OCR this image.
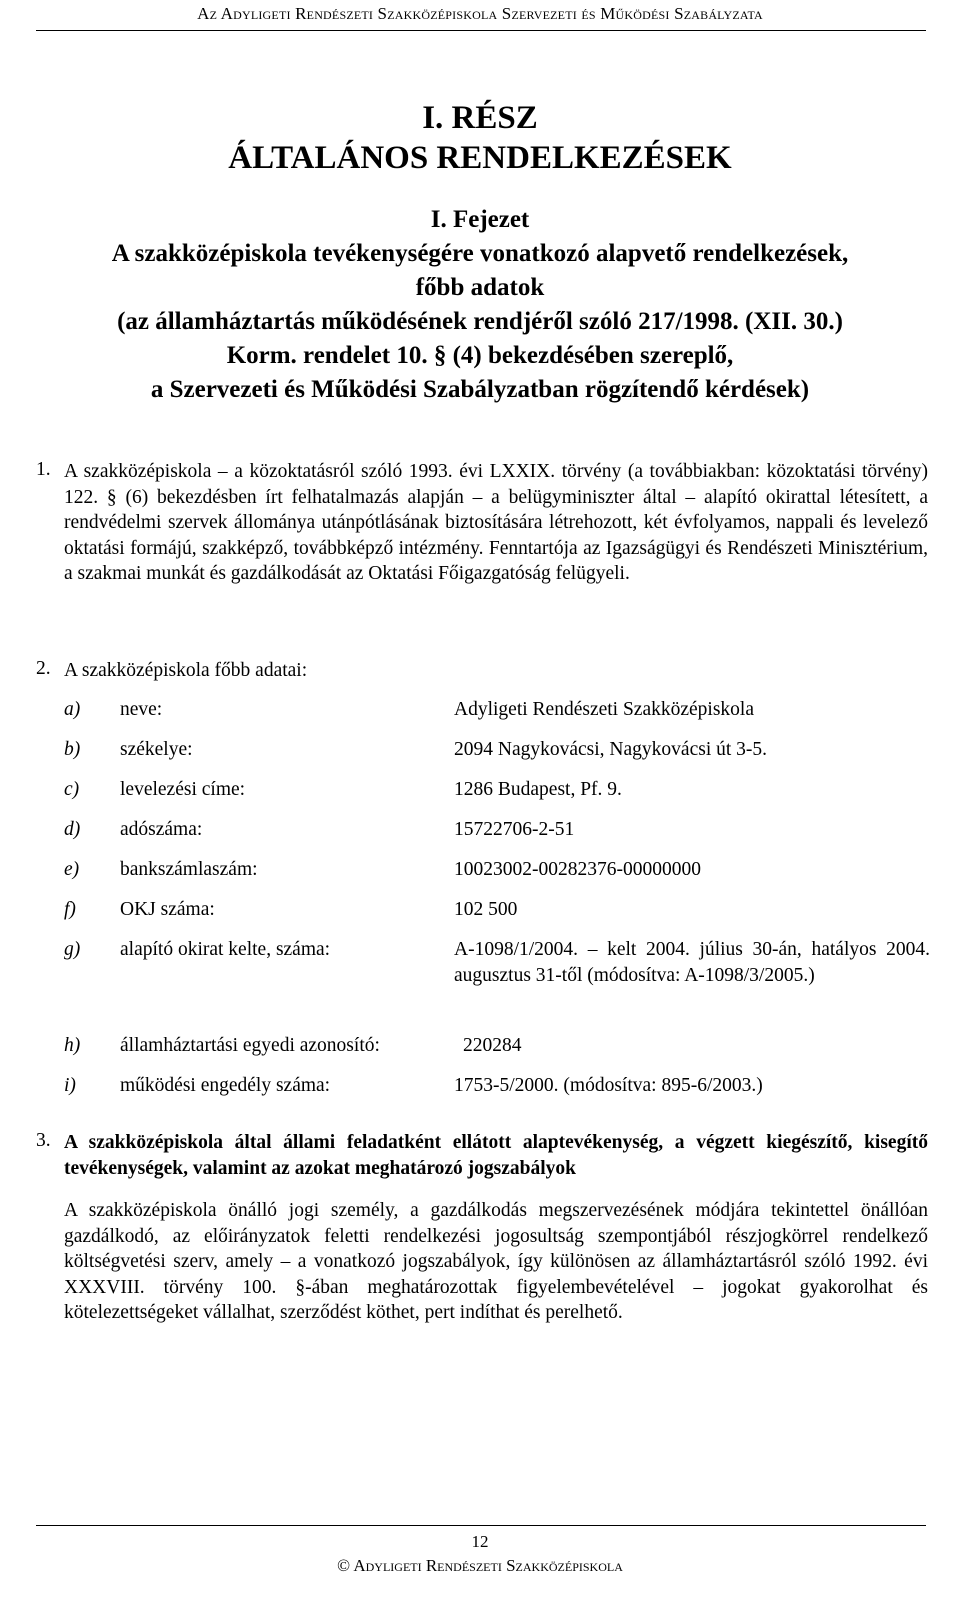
Az Adyligeti Rendészeti Szakközépiskola Szervezeti és Működési Szabályzata
I. RÉSZ
ÁLTALÁNOS RENDELKEZÉSEK
I. Fejezet
A szakközépiskola tevékenységére vonatkozó alapvető rendelkezések,
főbb adatok
(az államháztartás működésének rendjéről szóló 217/1998. (XII. 30.)
Korm. rendelet 10. § (4) bekezdésében szereplő,
a Szervezeti és Működési Szabályzatban rögzítendő kérdések)
1. A szakközépiskola – a közoktatásról szóló 1993. évi LXXIX. törvény (a továbbiakban: közoktatási törvény) 122. § (6) bekezdésben írt felhatalmazás alapján – a belügyminiszter által – alapító okirattal létesített, a rendvédelmi szervek állománya utánpótlásának biztosítására létrehozott, két évfolyamos, nappali és levelező oktatási formájú, szakképző, továbbképző intézmény. Fenntartója az Igazságügyi és Rendészeti Minisztérium, a szakmai munkát és gazdálkodását az Oktatási Főigazgatóság felügyeli.
2. A szakközépiskola főbb adatai:
a) neve:	Adyligeti Rendészeti Szakközépiskola
b) székelye:	2094 Nagykovácsi, Nagykovácsi út 3-5.
c) levelezési címe:	1286 Budapest, Pf. 9.
d) adószáma:	15722706-2-51
e) bankszámlaszám:	10023002-00282376-00000000
f) OKJ száma:	102 500
g) alapító okirat kelte, száma:	A-1098/1/2004. – kelt 2004. július 30-án, hatályos 2004. augusztus 31-től (módosítva: A-1098/3/2005.)
h) államháztartási egyedi azonosító:	220284
i) működési engedély száma:	1753-5/2000. (módosítva: 895-6/2003.)
3. A szakközépiskola által állami feladatként ellátott alaptevékenység, a végzett kiegészítő, kisegítő tevékenységek, valamint az azokat meghatározó jogszabályok
A szakközépiskola önálló jogi személy, a gazdálkodás megszervezésének módjára tekintettel önállóan gazdálkodó, az előirányzatok feletti rendelkezési jogosultság szempontjából részjogkörrel rendelkező költségvetési szerv, amely – a vonatkozó jogszabályok, így különösen az államháztartásról szóló 1992. évi XXXVIII. törvény 100. §-ában meghatározottak figyelembevételével – jogokat gyakorolhat és kötelezettségeket vállalhat, szerződést köthet, pert indíthat és perelhető.
12
© Adyligeti Rendészeti Szakközépiskola
